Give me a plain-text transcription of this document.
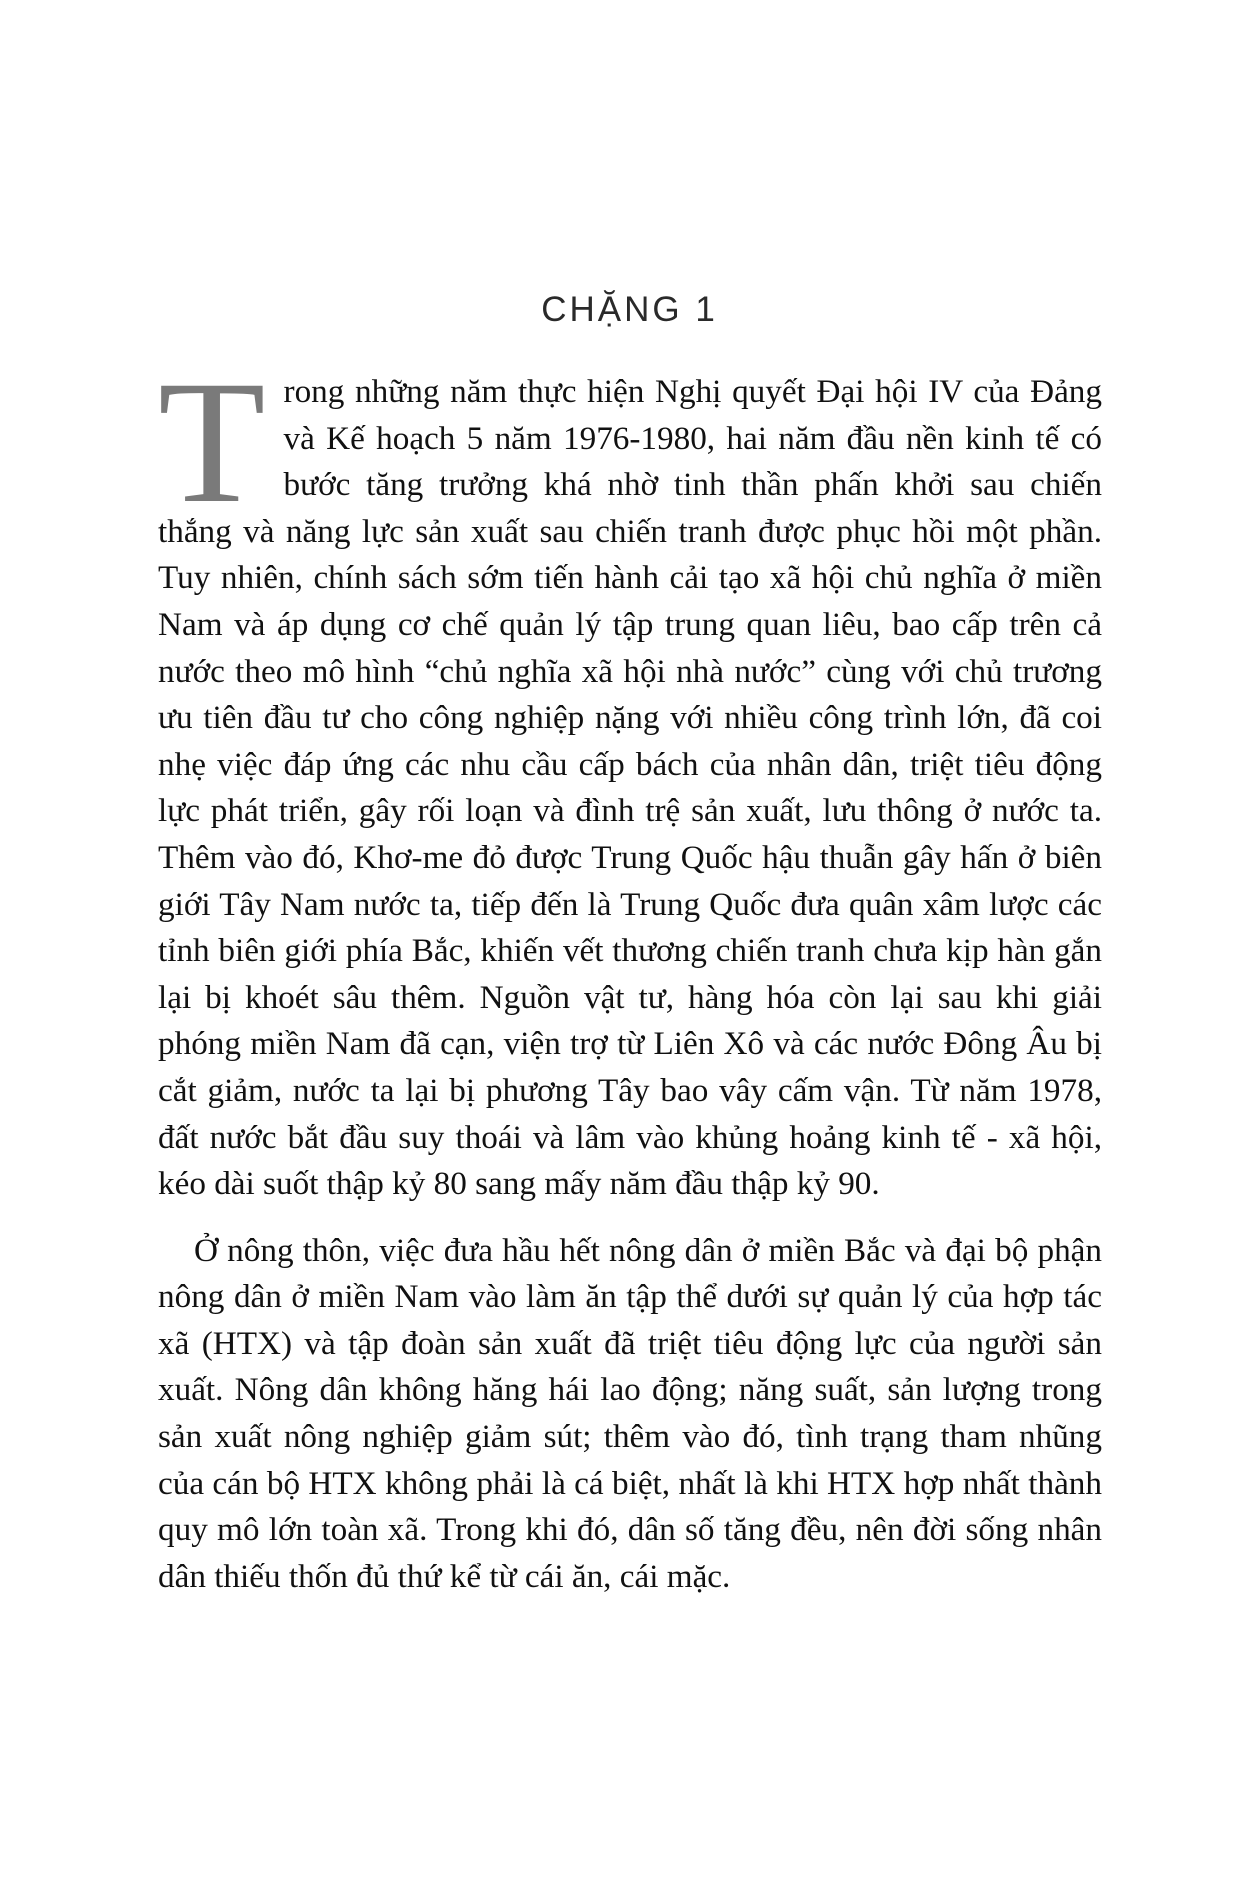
CHẶNG 1

Trong những năm thực hiện Nghị quyết Đại hội IV của Đảng và Kế hoạch 5 năm 1976-1980, hai năm đầu nền kinh tế có bước tăng trưởng khá nhờ tinh thần phấn khởi sau chiến thắng và năng lực sản xuất sau chiến tranh được phục hồi một phần. Tuy nhiên, chính sách sớm tiến hành cải tạo xã hội chủ nghĩa ở miền Nam và áp dụng cơ chế quản lý tập trung quan liêu, bao cấp trên cả nước theo mô hình “chủ nghĩa xã hội nhà nước” cùng với chủ trương ưu tiên đầu tư cho công nghiệp nặng với nhiều công trình lớn, đã coi nhẹ việc đáp ứng các nhu cầu cấp bách của nhân dân, triệt tiêu động lực phát triển, gây rối loạn và đình trệ sản xuất, lưu thông ở nước ta. Thêm vào đó, Khơ-me đỏ được Trung Quốc hậu thuẫn gây hấn ở biên giới Tây Nam nước ta, tiếp đến là Trung Quốc đưa quân xâm lược các tỉnh biên giới phía Bắc, khiến vết thương chiến tranh chưa kịp hàn gắn lại bị khoét sâu thêm. Nguồn vật tư, hàng hóa còn lại sau khi giải phóng miền Nam đã cạn, viện trợ từ Liên Xô và các nước Đông Âu bị cắt giảm, nước ta lại bị phương Tây bao vây cấm vận. Từ năm 1978, đất nước bắt đầu suy thoái và lâm vào khủng hoảng kinh tế - xã hội, kéo dài suốt thập kỷ 80 sang mấy năm đầu thập kỷ 90.

Ở nông thôn, việc đưa hầu hết nông dân ở miền Bắc và đại bộ phận nông dân ở miền Nam vào làm ăn tập thể dưới sự quản lý của hợp tác xã (HTX) và tập đoàn sản xuất đã triệt tiêu động lực của người sản xuất. Nông dân không hăng hái lao động; năng suất, sản lượng trong sản xuất nông nghiệp giảm sút; thêm vào đó, tình trạng tham nhũng của cán bộ HTX không phải là cá biệt, nhất là khi HTX hợp nhất thành quy mô lớn toàn xã. Trong khi đó, dân số tăng đều, nên đời sống nhân dân thiếu thốn đủ thứ kể từ cái ăn, cái mặc.
